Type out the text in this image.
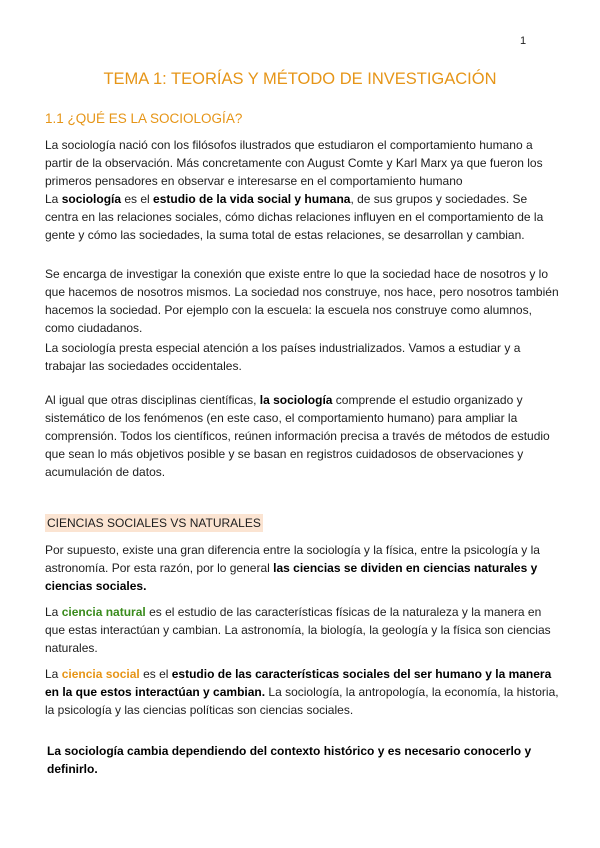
1
TEMA 1: TEORÍAS Y MÉTODO DE INVESTIGACIÓN
1.1 ¿QUÉ ES LA SOCIOLOGÍA?

La sociología nació con los filósofos ilustrados que estudiaron el comportamiento humano a partir de la observación. Más concretamente con August Comte y Karl Marx ya que fueron los primeros pensadores en observar e interesarse en el comportamiento humano

La sociología es el estudio de la vida social y humana, de sus grupos y sociedades. Se centra en las relaciones sociales, cómo dichas relaciones influyen en el comportamiento de la gente y cómo las sociedades, la suma total de estas relaciones, se desarrollan y cambian.

Se encarga de investigar la conexión que existe entre lo que la sociedad hace de nosotros y lo que hacemos de nosotros mismos. La sociedad nos construye, nos hace, pero nosotros también hacemos la sociedad. Por ejemplo con la escuela: la escuela nos construye como alumnos, como ciudadanos.

La sociología presta especial atención a los países industrializados. Vamos a estudiar y a trabajar las sociedades occidentales.

Al igual que otras disciplinas científicas, la sociología comprende el estudio organizado y sistemático de los fenómenos (en este caso, el comportamiento humano) para ampliar la comprensión. Todos los científicos, reúnen información precisa a través de métodos de estudio que sean lo más objetivos posible y se basan en registros cuidadosos de observaciones y acumulación de datos.

CIENCIAS SOCIALES VS NATURALES

Por supuesto, existe una gran diferencia entre la sociología y la física, entre la psicología y la astronomía. Por esta razón, por lo general las ciencias se dividen en ciencias naturales y ciencias sociales.

La ciencia natural es el estudio de las características físicas de la naturaleza y la manera en que estas interactúan y cambian. La astronomía, la biología, la geología y la física son ciencias naturales.

La ciencia social es el estudio de las características sociales del ser humano y la manera en la que estos interactúan y cambian. La sociología, la antropología, la economía, la historia, la psicología y las ciencias políticas son ciencias sociales.

La sociología cambia dependiendo del contexto histórico y es necesario conocerlo y definirlo.
